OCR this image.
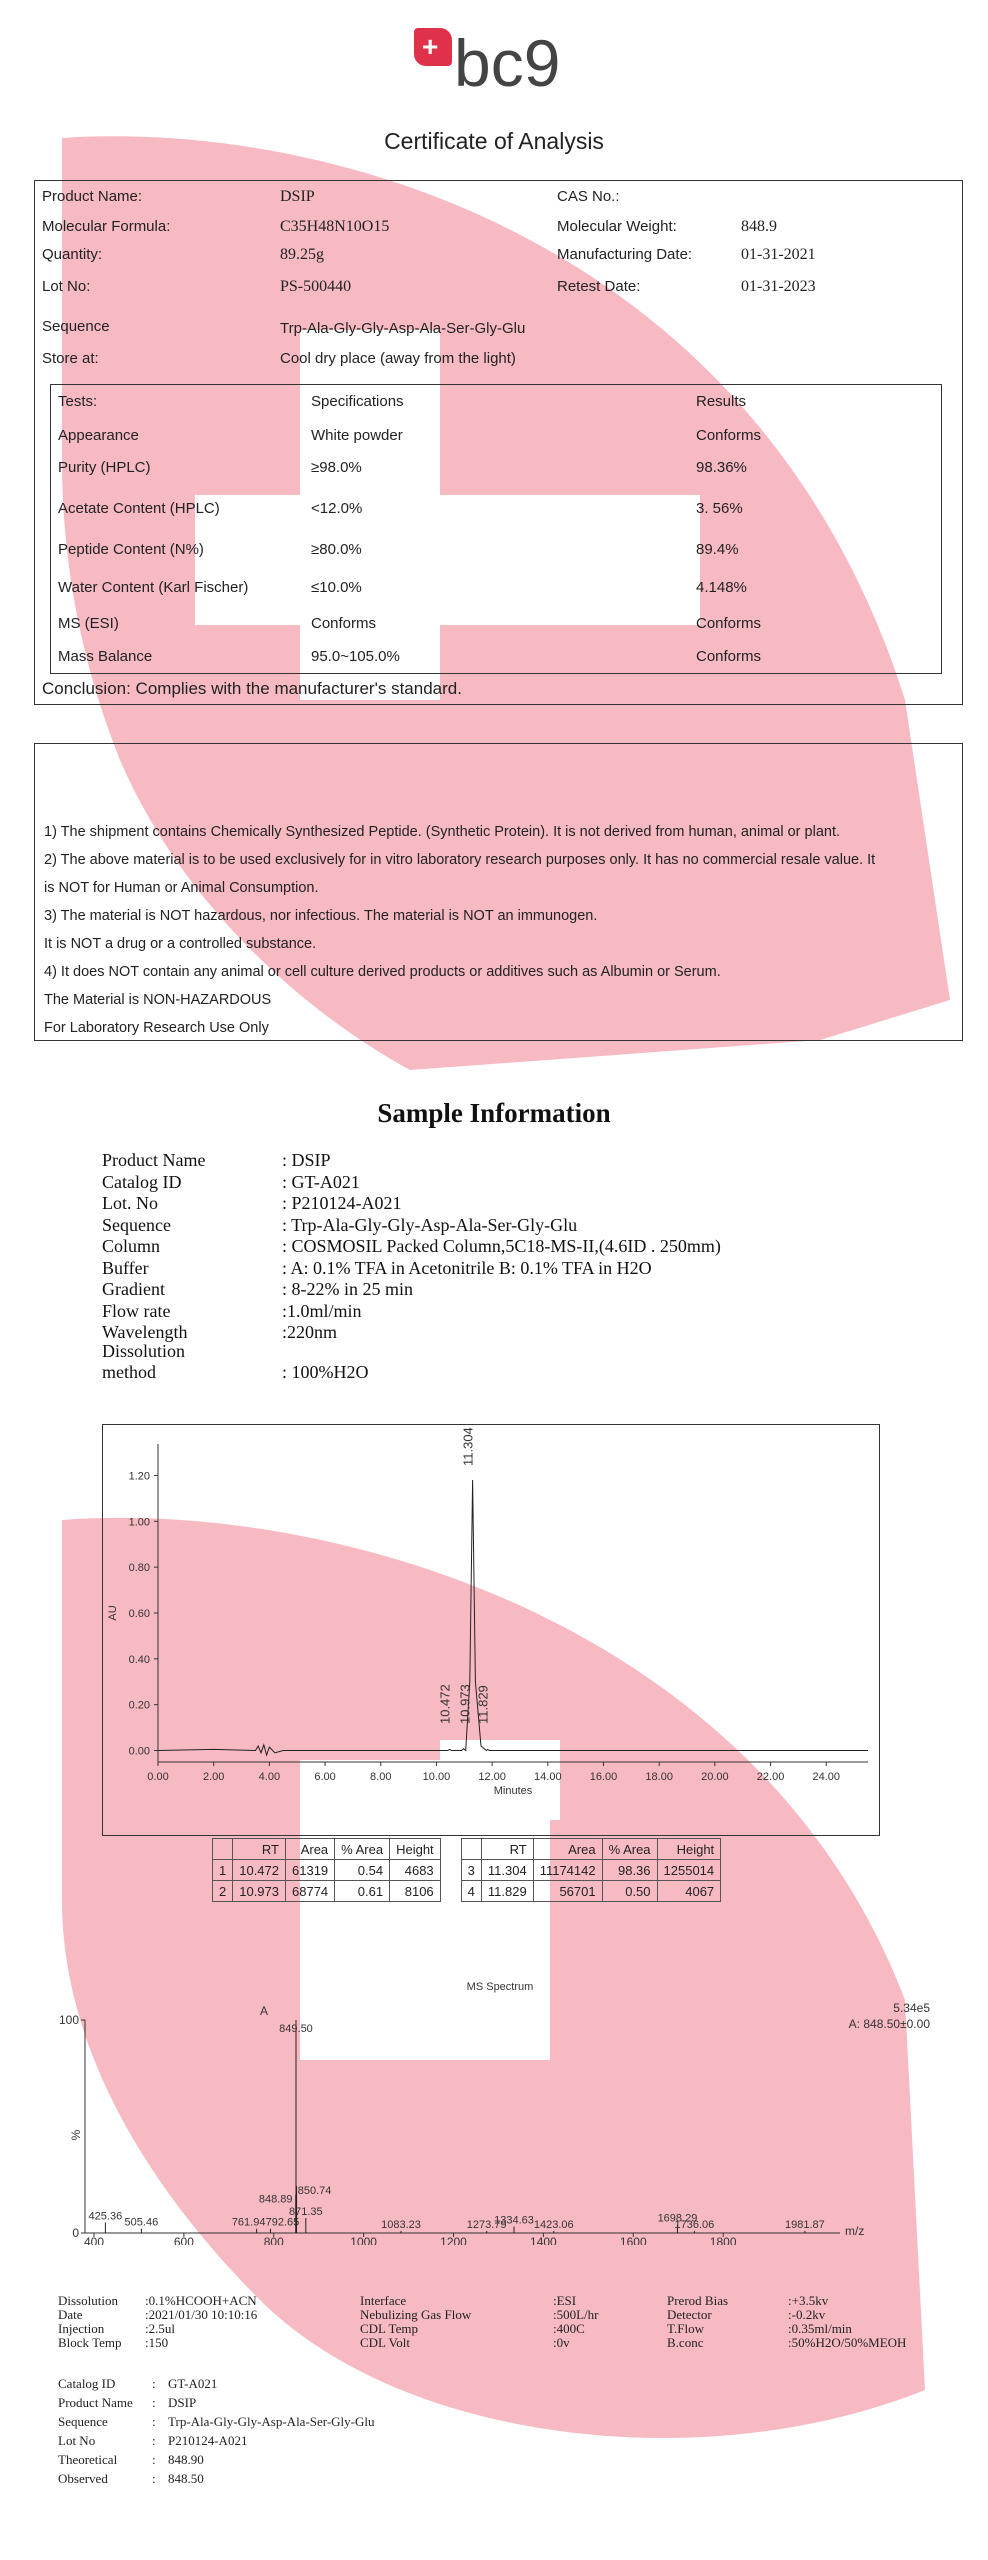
+ bc9
Certificate of Analysis
Product Name:	DSIP	CAS No.:
Molecular Formula:	C35H48N10O15	Molecular Weight:	848.9
Quantity:	89.25g	Manufacturing Date:	01-31-2021
Lot No:	PS-500440	Retest Date:	01-31-2023
Sequence	Trp-Ala-Gly-Gly-Asp-Ala-Ser-Gly-Glu
Store at:	Cool dry place (away from the light)
Tests:	Specifications	Results
Appearance	White powder	Conforms
Purity (HPLC)	≥98.0%	98.36%
Acetate Content (HPLC)	<12.0%	3. 56%
Peptide Content (N%)	≥80.0%	89.4%
Water Content (Karl Fischer)	≤10.0%	4.148%
MS (ESI)	Conforms	Conforms
Mass Balance	95.0~105.0%	Conforms
Conclusion: Complies with the manufacturer's standard.
1) The shipment contains Chemically Synthesized Peptide. (Synthetic Protein). It is not derived from human, animal or plant.
2) The above material is to be used exclusively for in vitro laboratory research purposes only. It has no commercial resale value. It
is NOT for Human or Animal Consumption.
3) The material is NOT hazardous, nor infectious. The material is NOT an immunogen.
It is NOT a drug or a controlled substance.
4) It does NOT contain any animal or cell culture derived products or additives such as Albumin or Serum.
The Material is NON-HAZARDOUS
For Laboratory Research Use Only
Sample Information
Product Name	: DSIP
Catalog ID	: GT-A021
Lot. No	: P210124-A021
Sequence	: Trp-Ala-Gly-Gly-Asp-Ala-Ser-Gly-Glu
Column	: COSMOSIL Packed Column,5C18-MS-II,(4.6ID . 250mm)
Buffer	: A: 0.1% TFA in Acetonitrile B: 0.1% TFA in H2O
Gradient	: 8-22% in 25 min
Flow rate	:1.0ml/min
Wavelength	:220nm
Dissolution
method	: 100%H2O
0.00
0.20
0.40
0.60
0.80
1.00
1.20
0.00	2.00	4.00	6.00	8.00	10.00	12.00	14.00	16.00	18.00	20.00	22.00	24.00
Minutes
AU
10.472 10.973
11.304
11.829
	RT	Area	% Area	Height			RT	Area	% Area	Height
1	10.472	61319	0.54	4683		3	11.304	11174142	98.36	1255014
2	10.973	68774	0.61	8106		4	11.829	56701	0.50	4067
MS Spectrum
A	5.34e5
A: 848.50±0.00
0
100
%
400	600	800	1000	1200	1400	1600	1800
m/z
425.36
505.46	761.94 792.65
848.89
849.50
850.74
871.35
1083.23	1273.79
1334.63 1423.06
1698.29
1736.06	1981.87
Dissolution :0.1%HCOOH+ACN	Interface	:ESI	Prerod Bias	:+3.5kv
Date	:2021/01/30 10:10:16	Nebulizing Gas Flow	:500L/hr	Detector	:-0.2kv
Injection	:2.5ul	CDL Temp	:400C	T.Flow	:0.35ml/min
Block Temp :150	CDL Volt	:0v	B.conc	:50%H2O/50%MEOH
Catalog ID	: GT-A021
Product Name : DSIP
Sequence	: Trp-Ala-Gly-Gly-Asp-Ala-Ser-Gly-Glu
Lot No	: P210124-A021
Theoretical	: 848.90
Observed	: 848.50
